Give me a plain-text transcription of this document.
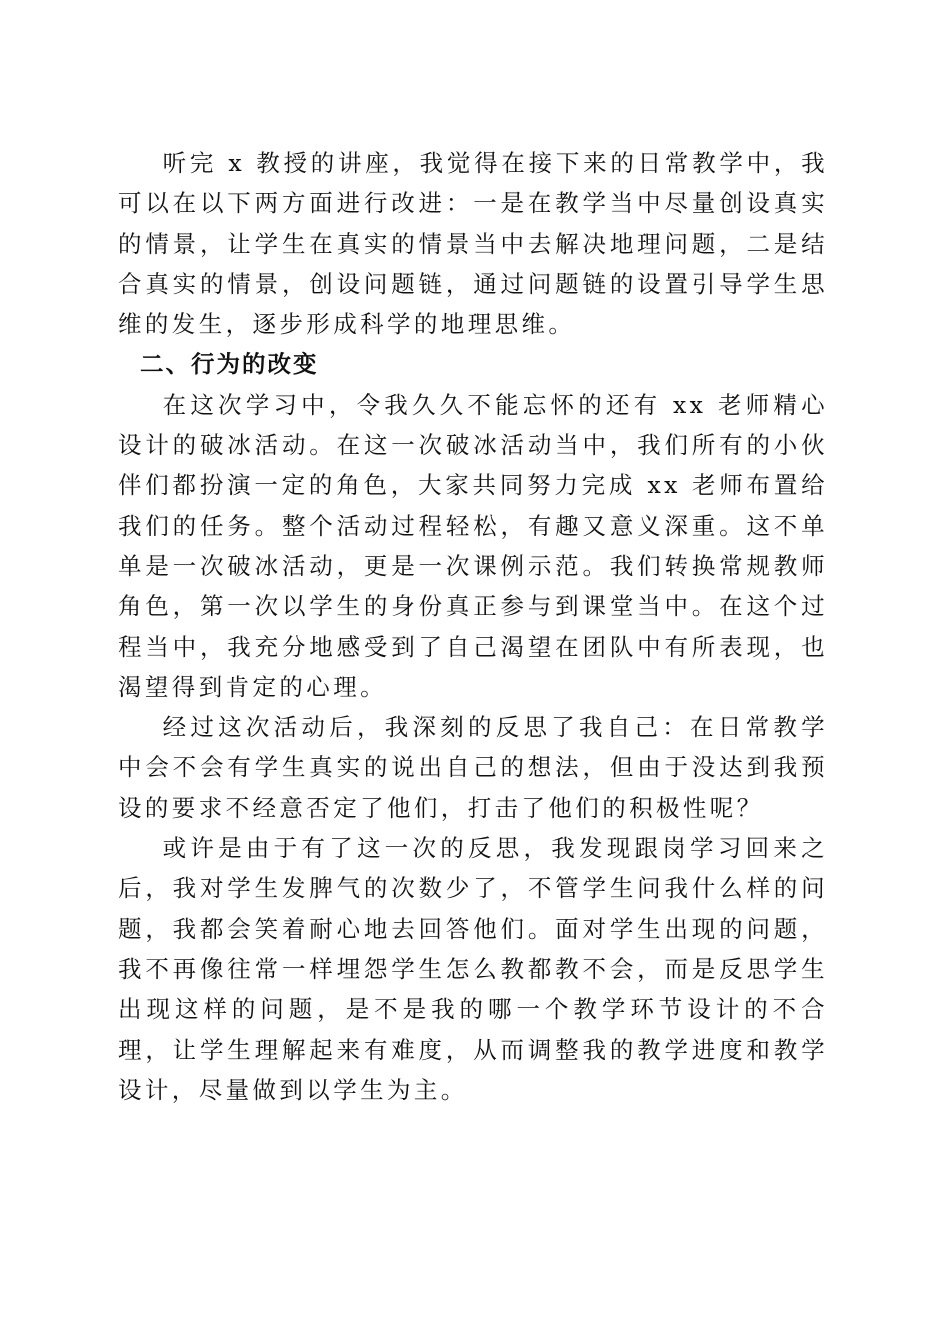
听完 x 教授的讲座，我觉得在接下来的日常教学中，我可以在以下两方面进行改进：一是在教学当中尽量创设真实的情景，让学生在真实的情景当中去解决地理问题，二是结合真实的情景，创设问题链，通过问题链的设置引导学生思维的发生，逐步形成科学的地理思维。

二、行为的改变

在这次学习中，令我久久不能忘怀的还有 xx 老师精心设计的破冰活动。在这一次破冰活动当中，我们所有的小伙伴们都扮演一定的角色，大家共同努力完成 xx 老师布置给我们的任务。整个活动过程轻松，有趣又意义深重。这不单单是一次破冰活动，更是一次课例示范。我们转换常规教师角色，第一次以学生的身份真正参与到课堂当中。在这个过程当中，我充分地感受到了自己渴望在团队中有所表现，也渴望得到肯定的心理。

经过这次活动后，我深刻的反思了我自己：在日常教学中会不会有学生真实的说出自己的想法，但由于没达到我预设的要求不经意否定了他们，打击了他们的积极性呢？

或许是由于有了这一次的反思，我发现跟岗学习回来之后，我对学生发脾气的次数少了，不管学生问我什么样的问题，我都会笑着耐心地去回答他们。面对学生出现的问题，我不再像往常一样埋怨学生怎么教都教不会，而是反思学生出现这样的问题，是不是我的哪一个教学环节设计的不合理，让学生理解起来有难度，从而调整我的教学进度和教学设计，尽量做到以学生为主。
